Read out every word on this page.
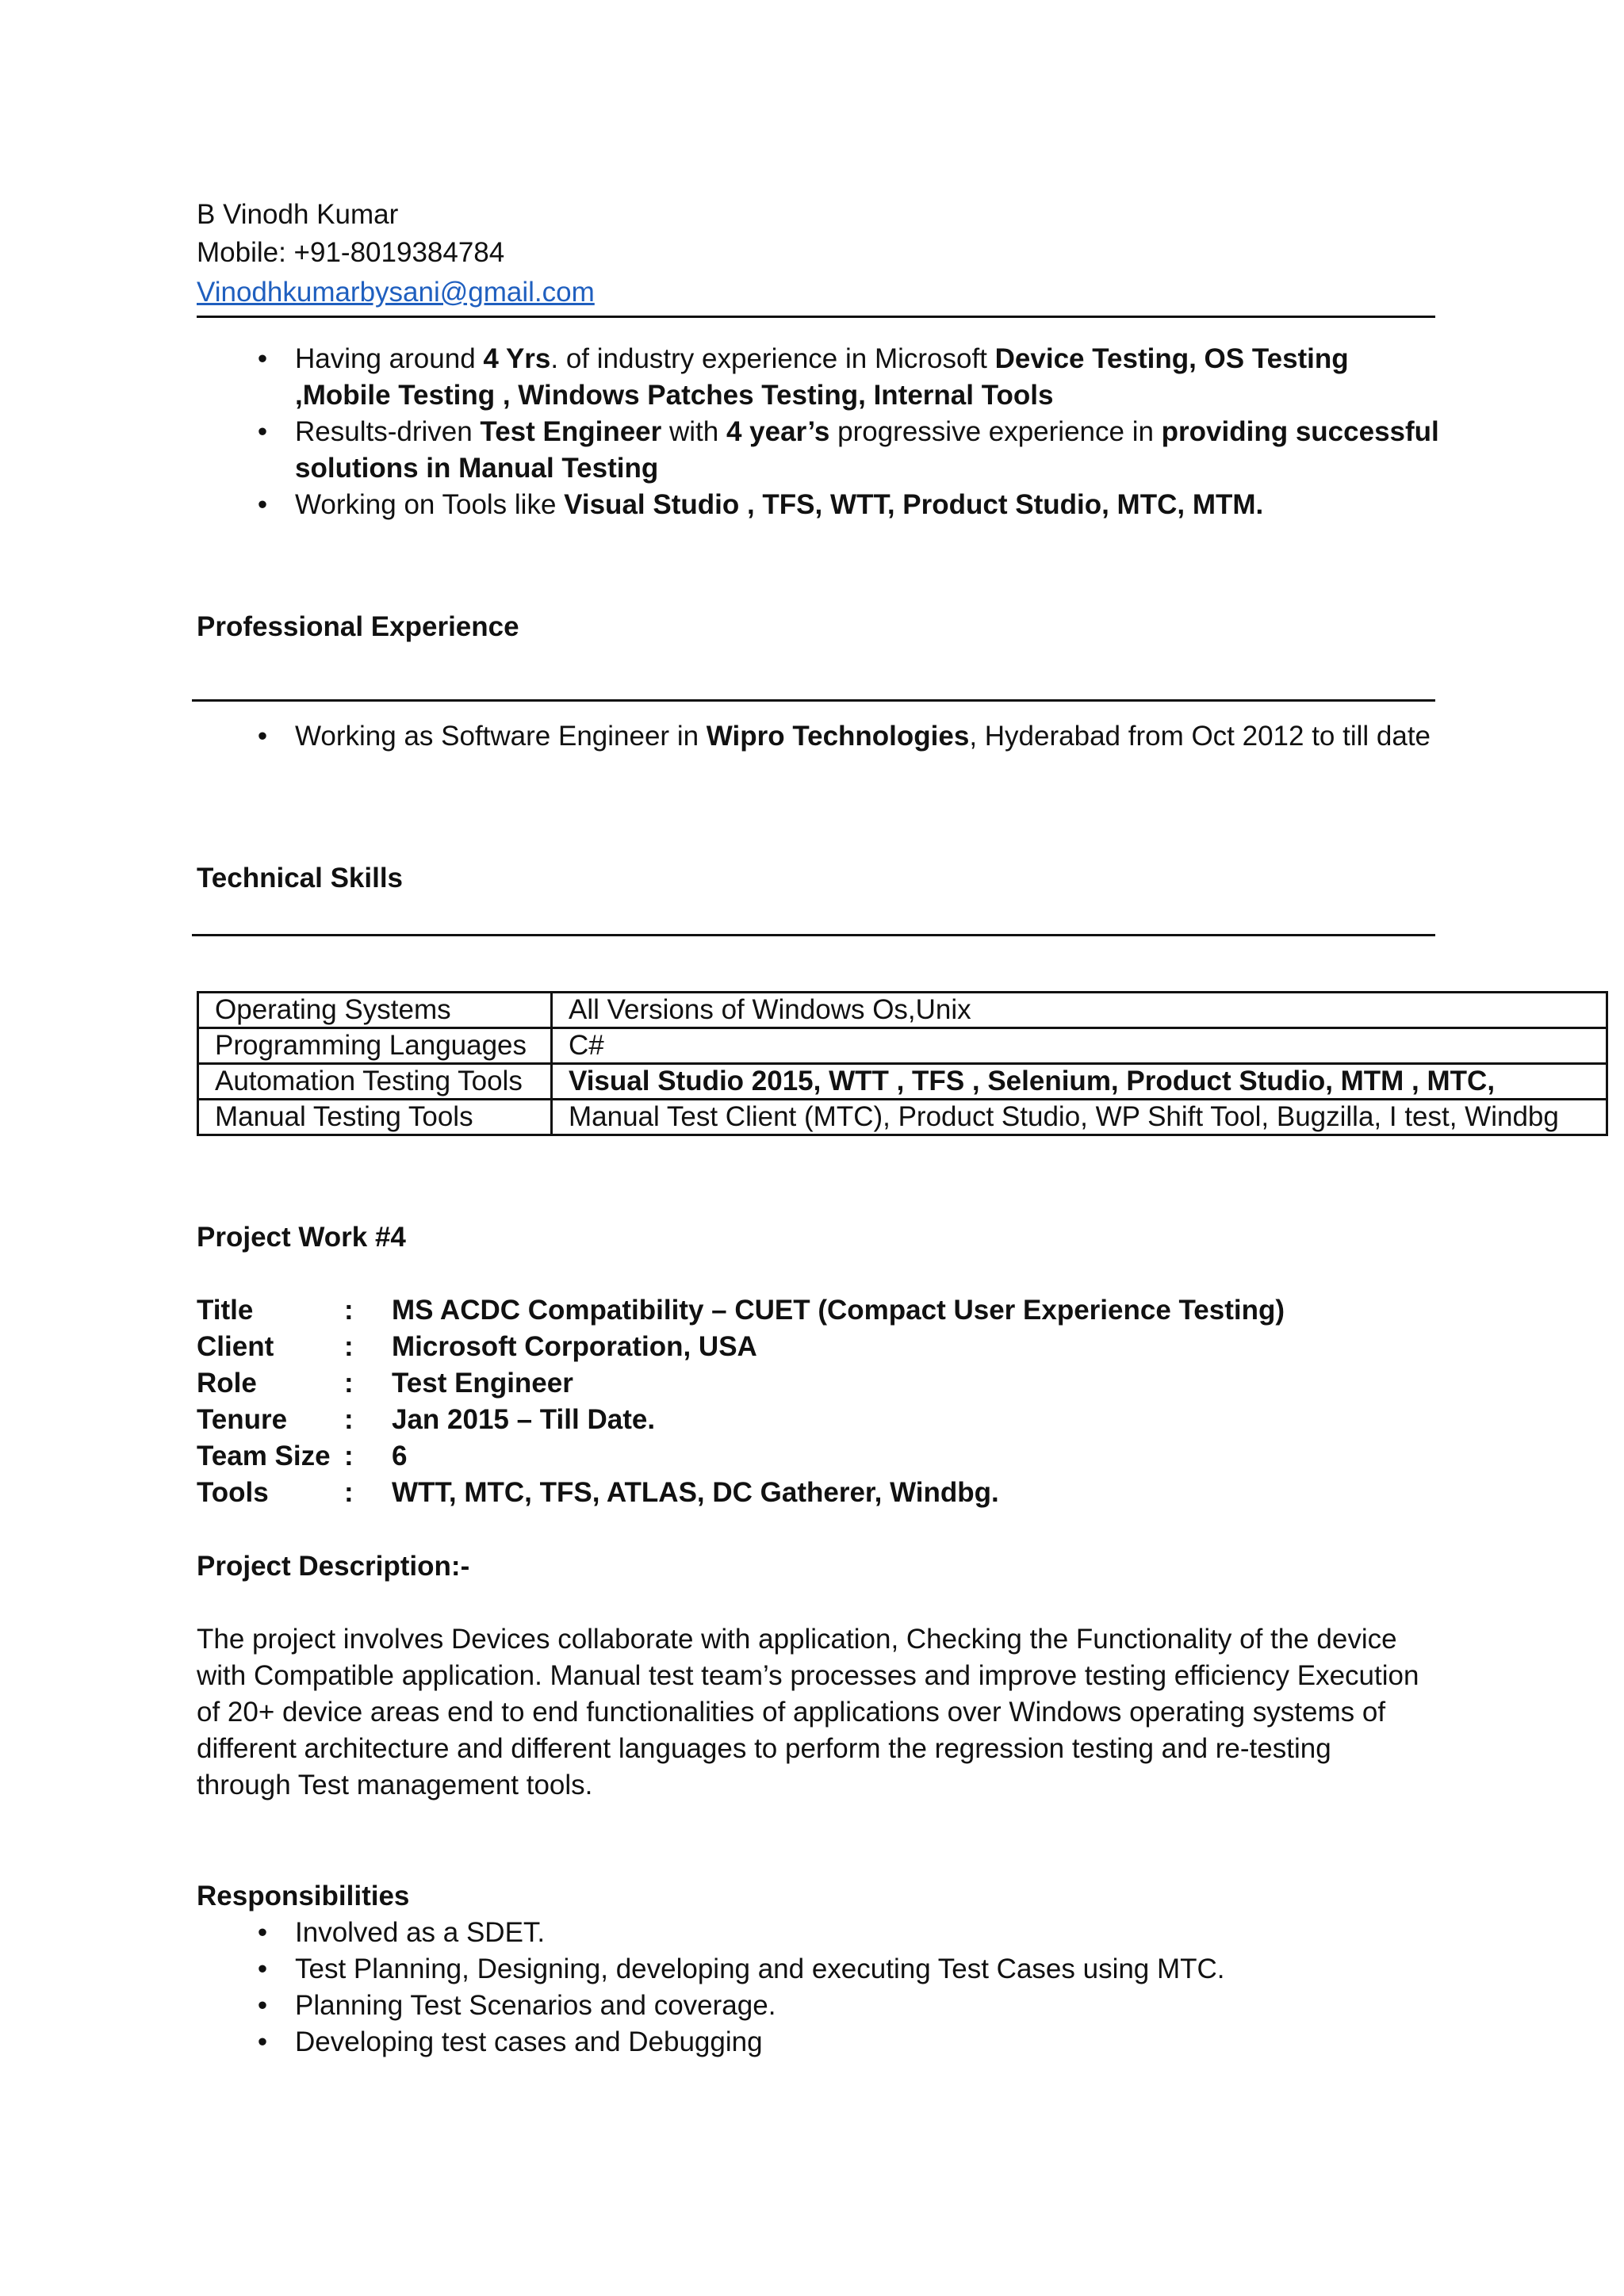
B Vinodh Kumar
Mobile: +91-8019384784
Vinodhkumarbysani@gmail.com
• Having around 4 Yrs. of industry experience in Microsoft Device Testing, OS Testing ,Mobile Testing , Windows Patches Testing, Internal Tools
• Results-driven Test Engineer with 4 year’s progressive experience in providing successful solutions in Manual Testing
• Working on Tools like Visual Studio , TFS, WTT, Product Studio, MTC, MTM.
Professional Experience
• Working as Software Engineer in Wipro Technologies, Hyderabad from Oct 2012 to till date
Technical Skills
Operating Systems	All Versions of Windows Os,Unix
Programming Languages	C#
Automation Testing Tools	Visual Studio 2015, WTT , TFS , Selenium, Product Studio, MTM , MTC,
Manual Testing Tools	Manual Test Client (MTC), Product Studio, WP Shift Tool, Bugzilla, I test, Windbg
Project Work #4
Title	:	MS ACDC Compatibility – CUET (Compact User Experience Testing)
Client	:	Microsoft Corporation, USA
Role	:	Test Engineer
Tenure	:	Jan 2015 – Till Date.
Team Size :	6
Tools	:	WTT, MTC, TFS, ATLAS, DC Gatherer, Windbg.
Project Description:-
The project involves Devices collaborate with application, Checking the Functionality of the device
with Compatible application. Manual test team’s processes and improve testing efficiency Execution
of 20+ device areas end to end functionalities of applications over Windows operating systems of
different architecture and different languages to perform the regression testing and re-testing
through Test management tools.
Responsibilities
• Involved as a SDET.
• Test Planning, Designing, developing and executing Test Cases using MTC.
• Planning Test Scenarios and coverage.
• Developing test cases and Debugging
